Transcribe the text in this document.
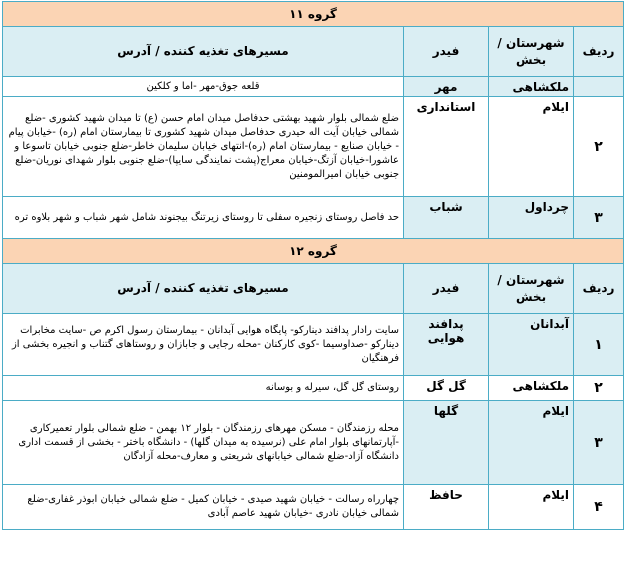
گروه ۱۱			
ردیف	شهرستان / بخش	فیدر	مسیرهای تغذیه کننده / آدرس
	ملکشاهی	مهر	قلعه جوق-مهر -اما و کلکین
۲	ایلام	استانداری	ضلع شمالی بلوار شهید بهشتی حدفاصل میدان امام حسن (ع) تا میدان شهید کشوری -ضلع شمالی خیابان آیت اله حیدری حدفاصل میدان شهید کشوری تا بیمارستان امام (ره) -خیابان پیام - خیابان صنایع - بیمارستان امام (ره)-انتهای خیابان سلیمان خاطر-ضلع جنوبی خیابان تاسوعا و عاشورا-خیابان آزتگ-خیابان معراج(پشت نمایندگی سایپا)-ضلع جنوبی بلوار شهدای نوریان-ضلع جنوبی خیابان امیرالمومنین
۳	چرداول	شباب	حد فاصل روستای زنجیره سفلی تا روستای زیرتنگ بیجنوند شامل شهر شباب و شهر بلاوه تره
گروه ۱۲			
ردیف	شهرستان / بخش	فیدر	مسیرهای تغذیه کننده / آدرس
۱	آبدانان	پدافند هوایی	سایت رادار پدافند دیناركو- پایگاه هوایی آبدانان - بیمارستان رسول اكرم ص -سایت مخابرات دیناركو -صداوسیما -كوی كاركنان -محله رجایی و جابازان و روستاهای گتناب و انجیره بخشی از فرهنگیان
۲	ملکشاهی	گل گل	روستای گل گل، سیرله و بوسانه
۳	ایلام	گلها	محله رزمندگان - مسکن مهرهای رزمندگان - بلوار ۱۲ بهمن - ضلع شمالی بلوار تعمیرکاری -آپارتمانهای بلوار امام علی (نرسیده به میدان گلها) - دانشگاه باختر - بخشی از قسمت اداری دانشگاه آزاد-ضلع شمالی خیابانهای شریعتی و معارف-محله آزادگان
۴	ایلام	حافظ	چهارراه رسالت - خیابان شهید صیدی - خیابان کمیل - ضلع شمالی خیابان ابوذر غفاری-ضلع شمالی خیابان نادری -خیابان شهید عاصم آبادی
